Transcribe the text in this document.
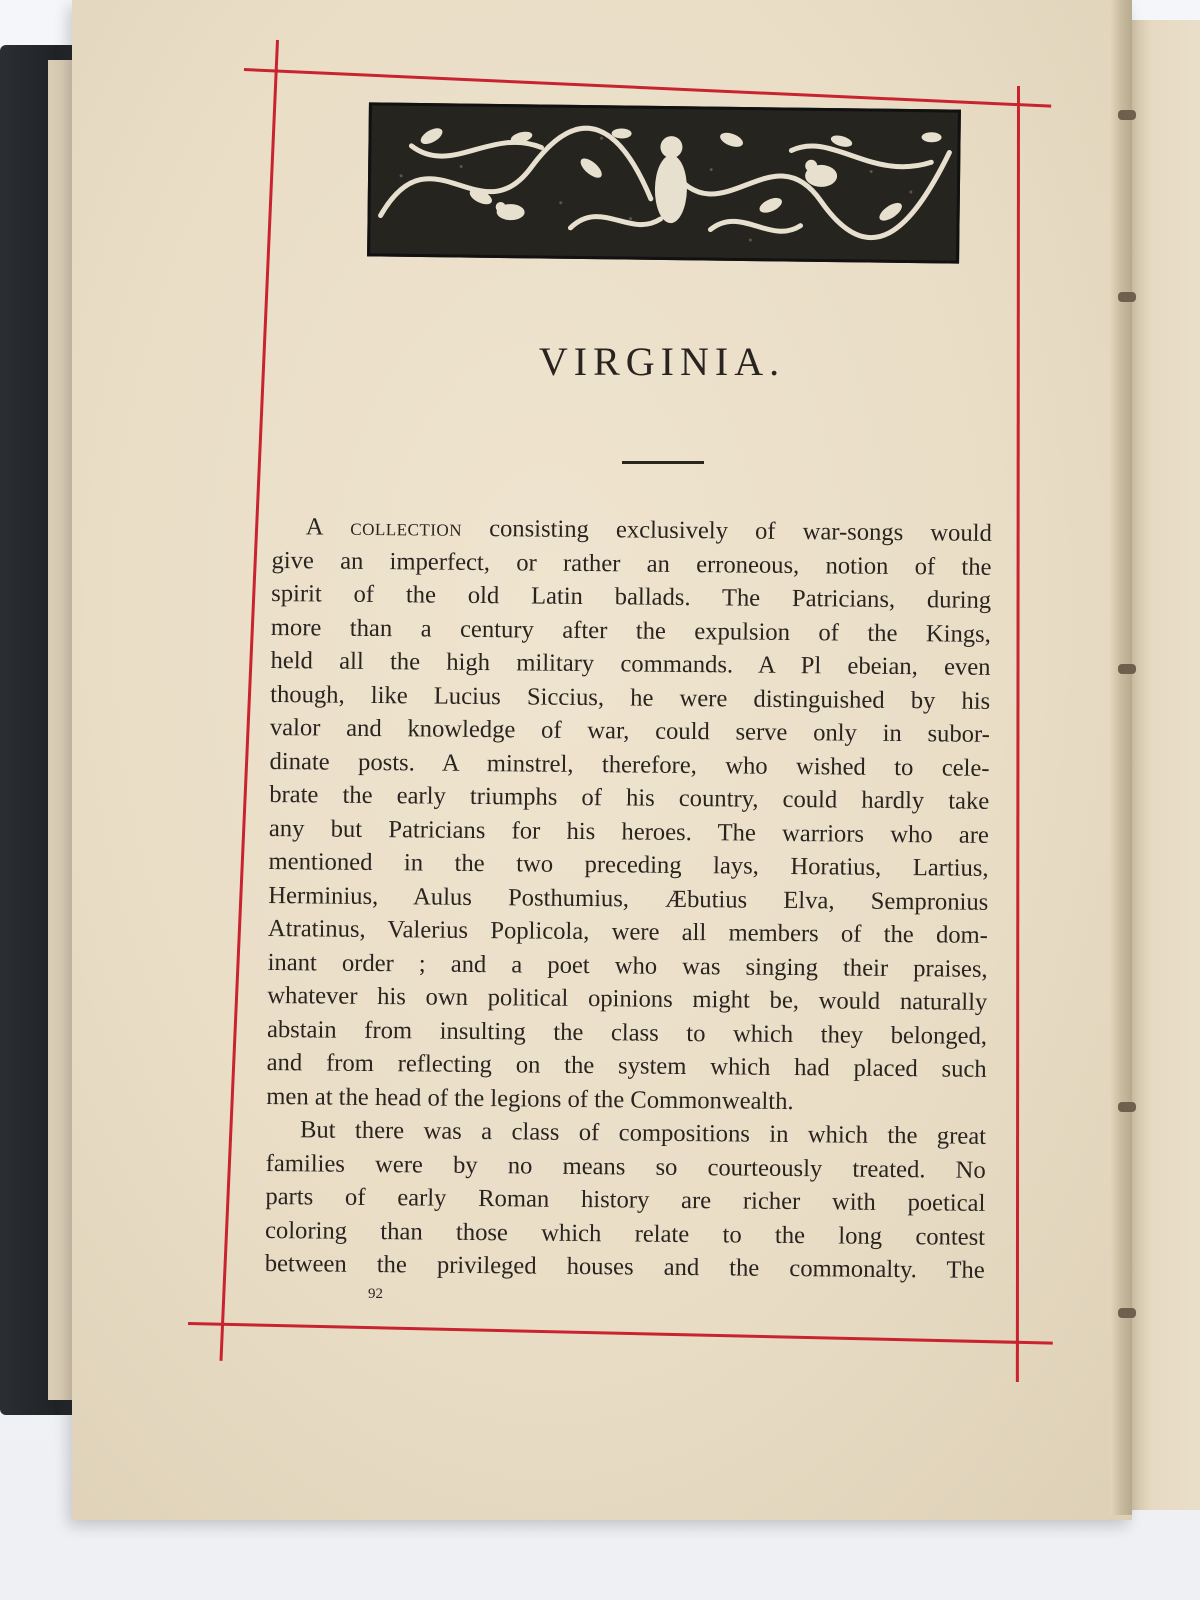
VIRGINIA.
A collection consisting exclusively of war-songs would
give an imperfect, or rather an erroneous, notion of the
spirit of the old Latin ballads. The Patricians, during
more than a century after the expulsion of the Kings,
held all the high military commands. A Pl ebeian, even
though, like Lucius Siccius, he were distinguished by his
valor and knowledge of war, could serve only in subor-
dinate posts. A minstrel, therefore, who wished to cele-
brate the early triumphs of his country, could hardly take
any but Patricians for his heroes. The warriors who are
mentioned in the two preceding lays, Horatius, Lartius,
Herminius, Aulus Posthumius, Æbutius Elva, Sempronius
Atratinus, Valerius Poplicola, were all members of the dom-
inant order ; and a poet who was singing their praises,
whatever his own political opinions might be, would naturally
abstain from insulting the class to which they belonged,
and from reflecting on the system which had placed such
men at the head of the legions of the Commonwealth.
But there was a class of compositions in which the great
families were by no means so courteously treated. No
parts of early Roman history are richer with poetical
coloring than those which relate to the long contest
between the privileged houses and the commonalty. The
92
